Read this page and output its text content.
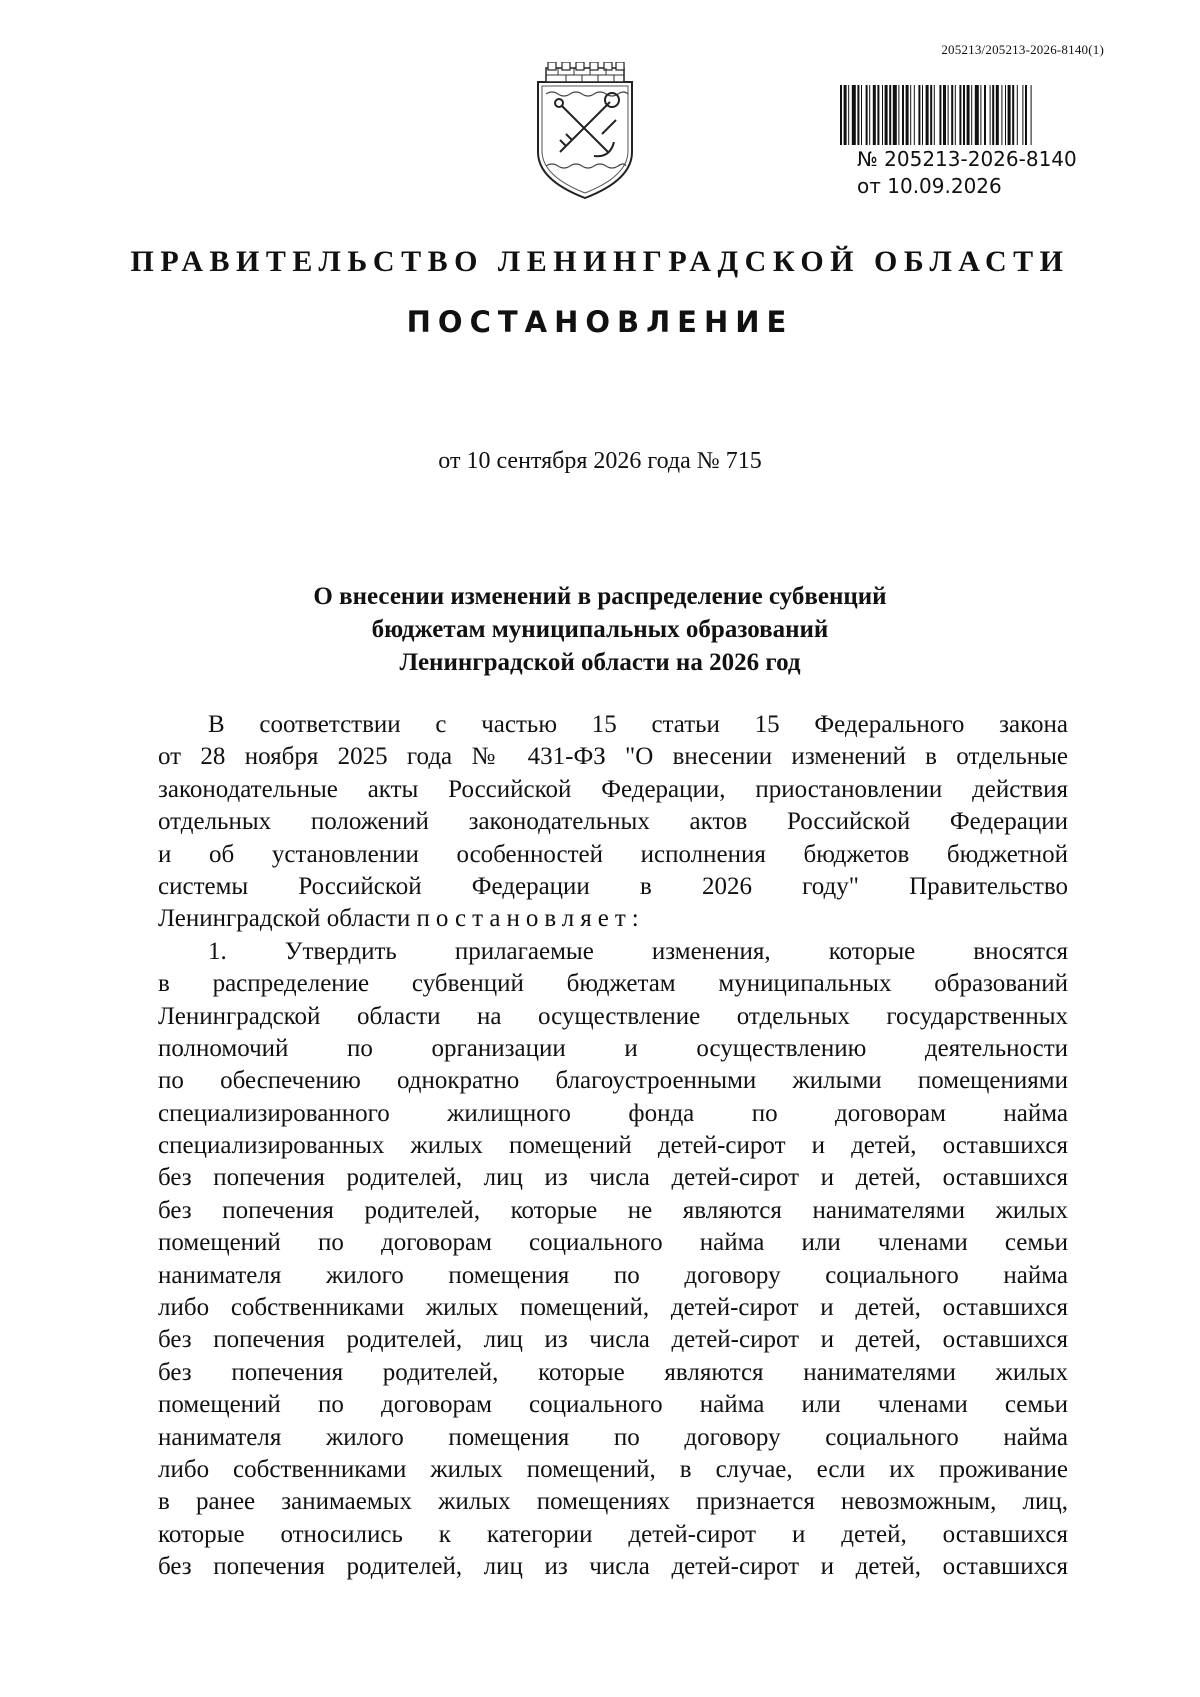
205213/205213-2026-8140(1)
№ 205213-2026-8140
от 10.09.2026
ПРАВИТЕЛЬСТВО ЛЕНИНГРАДСКОЙ ОБЛАСТИ
ПОСТАНОВЛЕНИЕ
от 10 сентября 2026 года № 715
О внесении изменений в распределение субвенций
бюджетам муниципальных образований
Ленинградской области на 2026 год
В соответствии с частью 15 статьи 15 Федерального закона
от 28 ноября 2025 года № 431-ФЗ "О внесении изменений в отдельные
законодательные акты Российской Федерации, приостановлении действия
отдельных положений законодательных актов Российской Федерации
и об установлении особенностей исполнения бюджетов бюджетной
системы Российской Федерации в 2026 году" Правительство
Ленинградской области постановляет:
1. Утвердить прилагаемые изменения, которые вносятся
в распределение субвенций бюджетам муниципальных образований
Ленинградской области на осуществление отдельных государственных
полномочий по организации и осуществлению деятельности
по обеспечению однократно благоустроенными жилыми помещениями
специализированного жилищного фонда по договорам найма
специализированных жилых помещений детей-сирот и детей, оставшихся
без попечения родителей, лиц из числа детей-сирот и детей, оставшихся
без попечения родителей, которые не являются нанимателями жилых
помещений по договорам социального найма или членами семьи
нанимателя жилого помещения по договору социального найма
либо собственниками жилых помещений, детей-сирот и детей, оставшихся
без попечения родителей, лиц из числа детей-сирот и детей, оставшихся
без попечения родителей, которые являются нанимателями жилых
помещений по договорам социального найма или членами семьи
нанимателя жилого помещения по договору социального найма
либо собственниками жилых помещений, в случае, если их проживание
в ранее занимаемых жилых помещениях признается невозможным, лиц,
которые относились к категории детей-сирот и детей, оставшихся
без попечения родителей, лиц из числа детей-сирот и детей, оставшихся
